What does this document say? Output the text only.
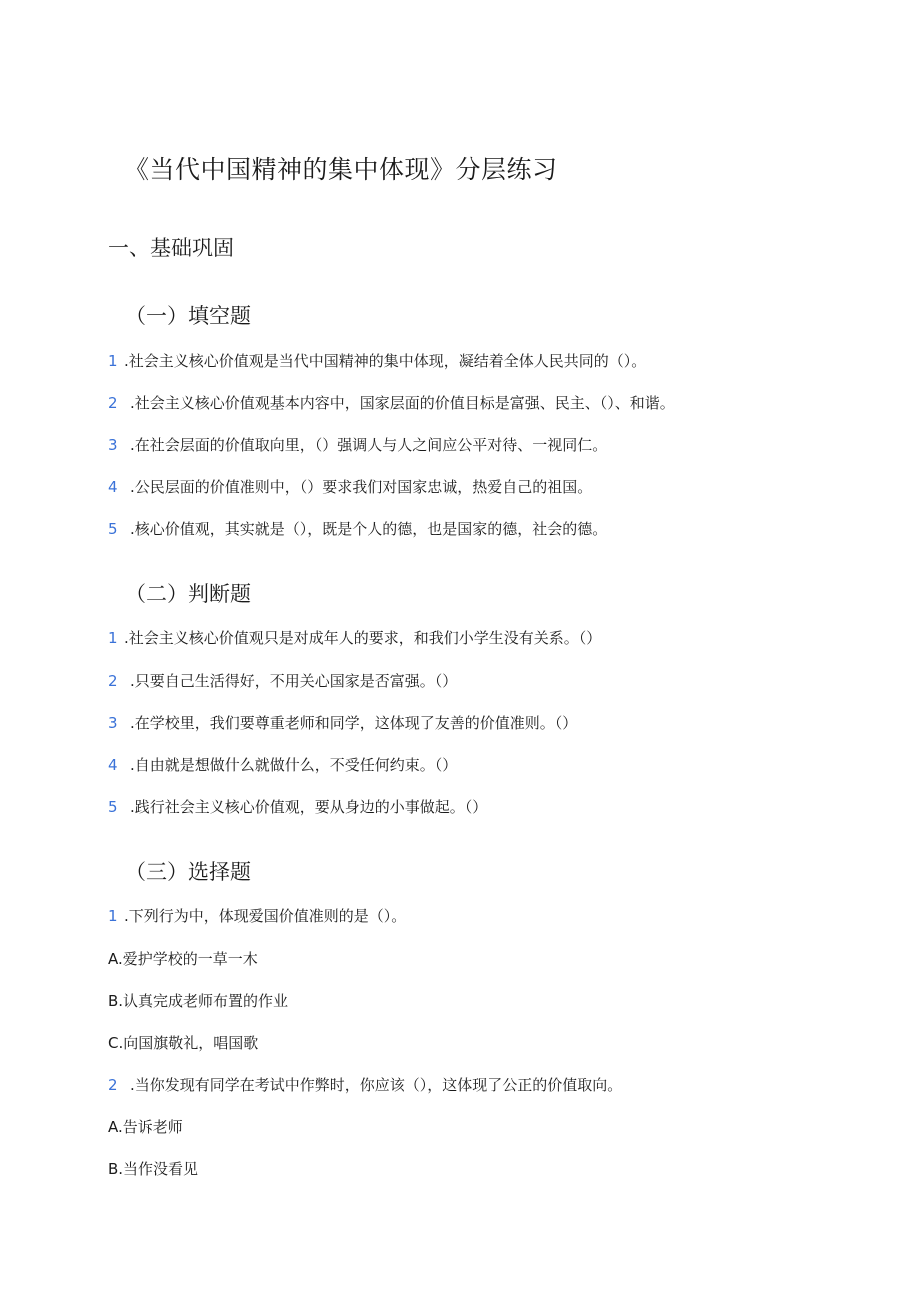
《当代中国精神的集中体现》分层练习
一、基础巩固
（一）填空题
1 .社会主义核心价值观是当代中国精神的集中体现，凝结着全体人民共同的（）。
2 .社会主义核心价值观基本内容中，国家层面的价值目标是富强、民主、（）、和谐。
3 .在社会层面的价值取向里，（）强调人与人之间应公平对待、一视同仁。
4 .公民层面的价值准则中，（）要求我们对国家忠诚，热爱自己的祖国。
5 .核心价值观，其实就是（），既是个人的德，也是国家的德，社会的德。
（二）判断题
1 .社会主义核心价值观只是对成年人的要求，和我们小学生没有关系。（）
2 .只要自己生活得好，不用关心国家是否富强。（）
3 .在学校里，我们要尊重老师和同学，这体现了友善的价值准则。（）
4 .自由就是想做什么就做什么，不受任何约束。（）
5 .践行社会主义核心价值观，要从身边的小事做起。（）
（三）选择题
1 .下列行为中，体现爱国价值准则的是（）。
A.爱护学校的一草一木
B.认真完成老师布置的作业
C.向国旗敬礼，唱国歌
2 .当你发现有同学在考试中作弊时，你应该（），这体现了公正的价值取向。
A.告诉老师
B.当作没看见
